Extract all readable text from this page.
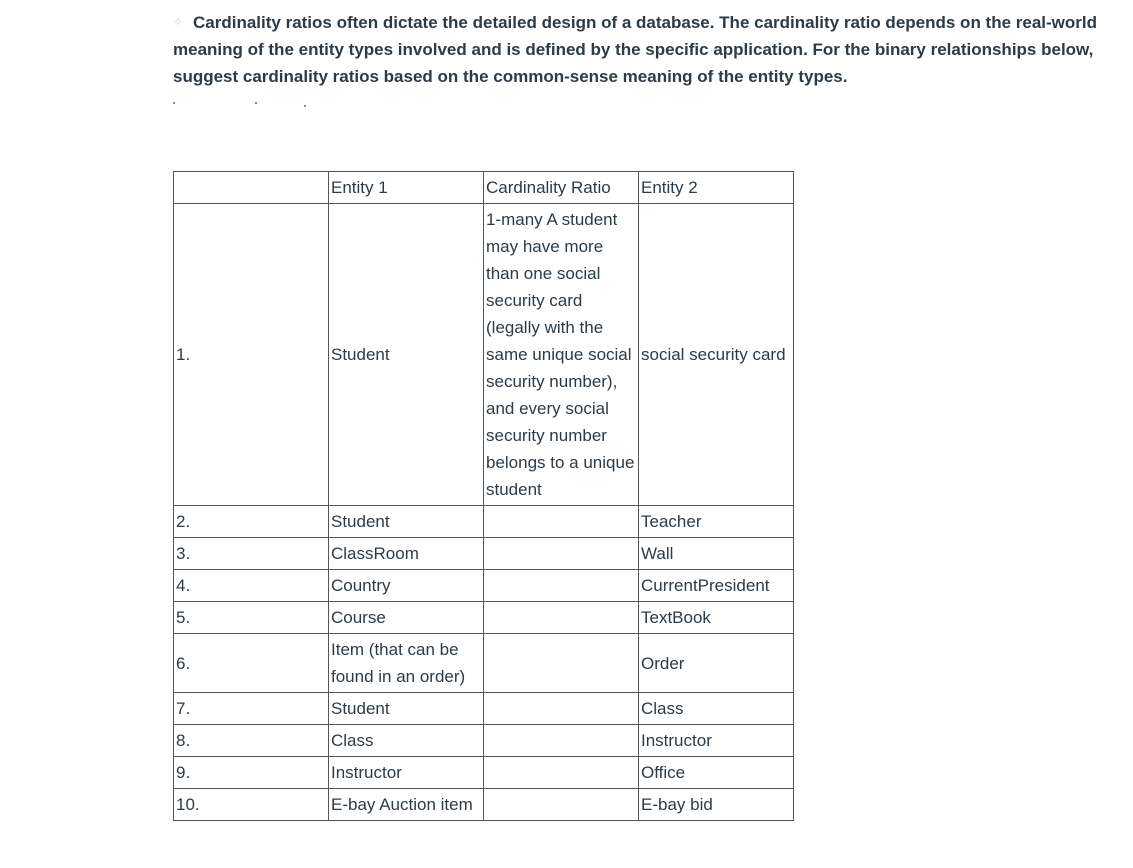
✧ Cardinality ratios often dictate the detailed design of a database. The cardinality ratio depends on the real-world meaning of the entity types involved and is defined by the specific application. For the binary relationships below, suggest cardinality ratios based on the common-sense meaning of the entity types.

	Entity 1	Cardinality Ratio	Entity 2
1.	Student	1-many A student may have more than one social security card (legally with the same unique social security number), and every social security number belongs to a unique student	social security card
2.	Student		Teacher
3.	ClassRoom		Wall
4.	Country		CurrentPresident
5.	Course		TextBook
6.	Item (that can be found in an order)		Order
7.	Student		Class
8.	Class		Instructor
9.	Instructor		Office
10.	E-bay Auction item		E-bay bid
